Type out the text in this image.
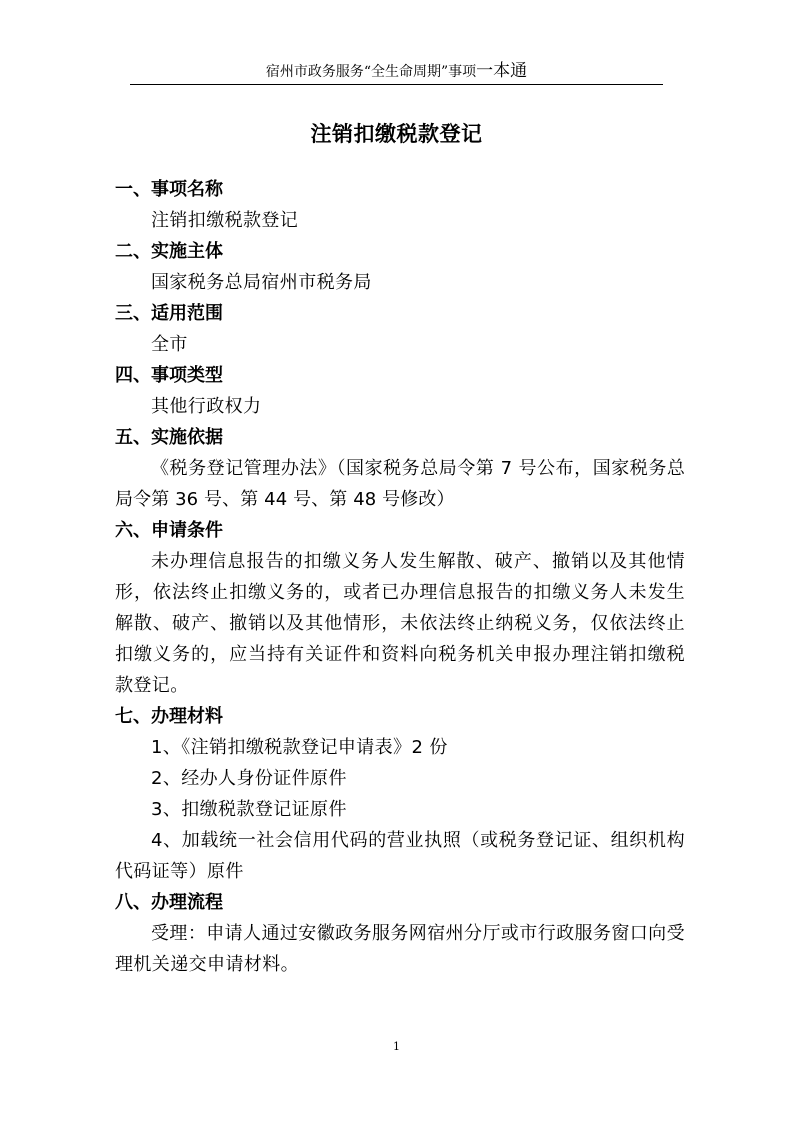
宿州市政务服务“全生命周期”事项一本通
注销扣缴税款登记

一、事项名称

注销扣缴税款登记

二、实施主体

国家税务总局宿州市税务局

三、适用范围

全市

四、事项类型

其他行政权力

五、实施依据

《税务登记管理办法》（国家税务总局令第 7 号公布，国家税务总局令第 36 号、第 44 号、第 48 号修改）

六、申请条件

未办理信息报告的扣缴义务人发生解散、破产、撤销以及其他情形，依法终止扣缴义务的，或者已办理信息报告的扣缴义务人未发生解散、破产、撤销以及其他情形，未依法终止纳税义务，仅依法终止扣缴义务的，应当持有关证件和资料向税务机关申报办理注销扣缴税款登记。

七、办理材料

1、《注销扣缴税款登记申请表》2 份
2、经办人身份证件原件
3、扣缴税款登记证原件
4、加载统一社会信用代码的营业执照（或税务登记证、组织机构代码证等）原件

八、办理流程

受理：申请人通过安徽政务服务网宿州分厅或市行政服务窗口向受理机关递交申请材料。

1
